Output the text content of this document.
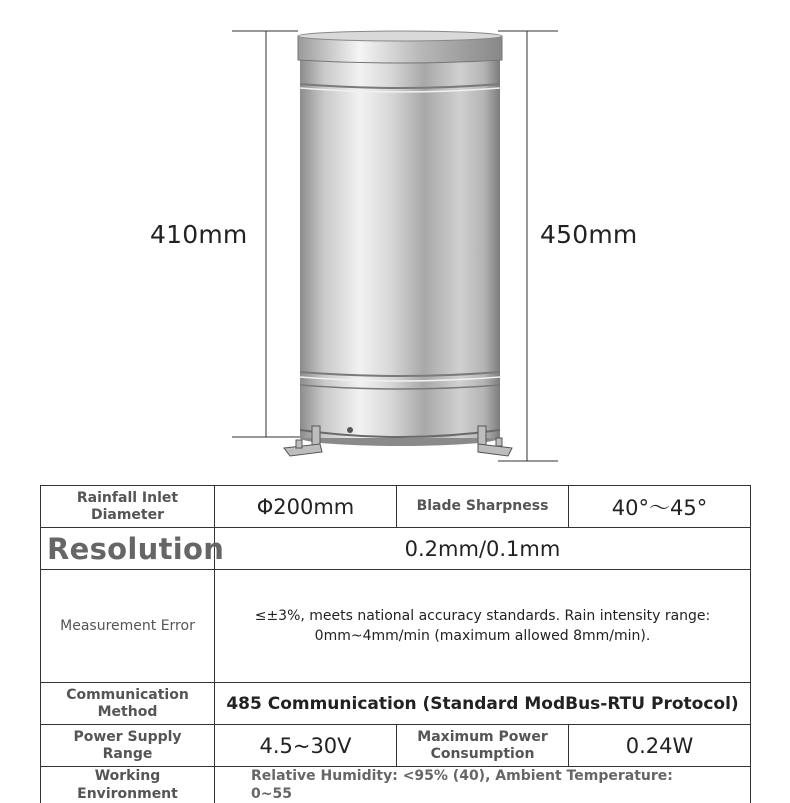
410mm	450mm
Rainfall Inlet Diameter	Φ200mm	Blade Sharpness	40°～45°
Resolution	0.2mm/0.1mm		
Measurement Error	≤±3%, meets national accuracy standards. Rain intensity range: 0mm~4mm/min (maximum allowed 8mm/min).		
Communication Method	485 Communication (Standard ModBus-RTU Protocol)		
Power Supply Range	4.5~30V	Maximum Power Consumption	0.24W
Working Environment	Relative Humidity: <95% (40), Ambient Temperature: 0~55		
